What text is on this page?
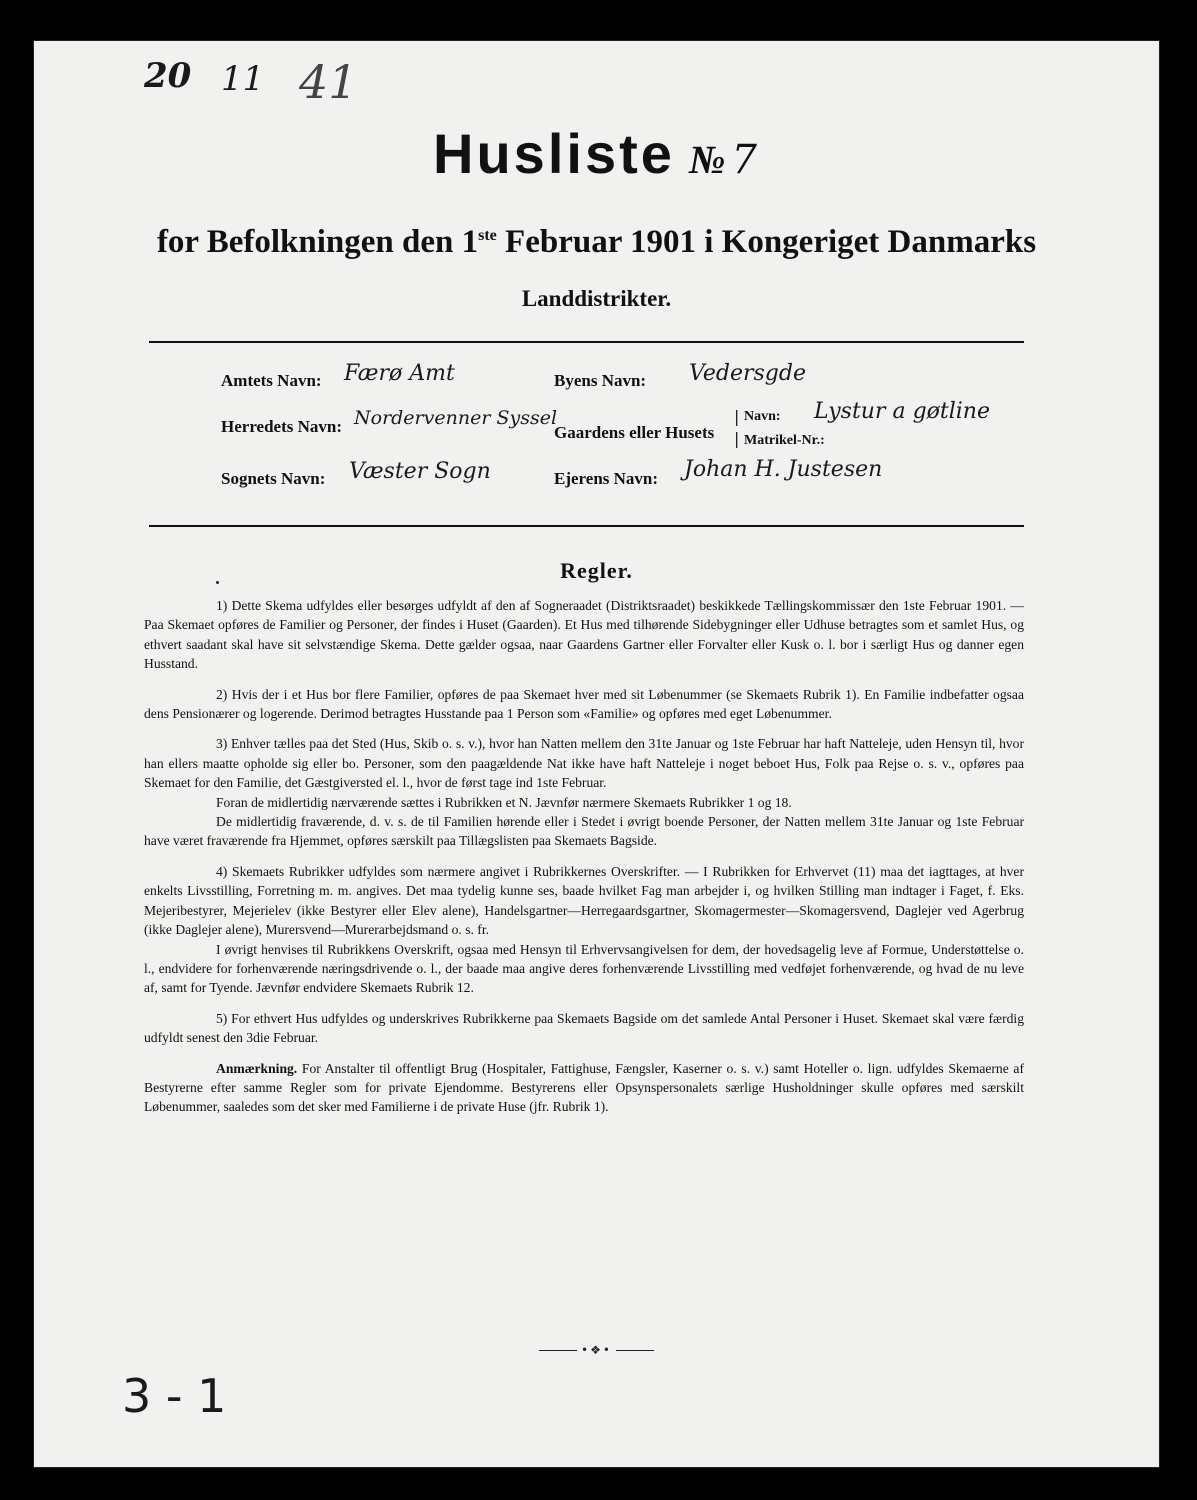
20 11 41
Husliste № 7
for Befolkningen den 1ste Februar 1901 i Kongeriget Danmarks
Landdistrikter.
Amtets Navn: Færø Amt	Byens Navn: Vedersgde
Herredets Navn: Nordervenner Syssel
Gaardens eller Husets
|
|
Navn: Lystur a gøtline
Matrikel-Nr.:
Sognets Navn: Væster Sogn	Ejerens Navn: Johan H. Justesen
Regler.

1) Dette Skema udfyldes eller besørges udfyldt af den af Sogneraadet (Distriktsraadet) beskikkede Tællingskommissær den 1ste Februar 1901. — Paa Skemaet opføres de Familier og Personer, der findes i Huset (Gaarden). Et Hus med tilhørende Sidebygninger eller Udhuse betragtes som et samlet Hus, og ethvert saadant skal have sit selvstændige Skema. Dette gælder ogsaa, naar Gaardens Gartner eller Forvalter eller Kusk o. l. bor i særligt Hus og danner egen Husstand.

2) Hvis der i et Hus bor flere Familier, opføres de paa Skemaet hver med sit Løbenummer (se Skemaets Rubrik 1). En Familie indbefatter ogsaa dens Pensionærer og logerende. Derimod betragtes Husstande paa 1 Person som «Familie» og opføres med eget Løbenummer.

3) Enhver tælles paa det Sted (Hus, Skib o. s. v.), hvor han Natten mellem den 31te Januar og 1ste Februar har haft Natteleje, uden Hensyn til, hvor han ellers maatte opholde sig eller bo. Personer, som den paagældende Nat ikke have haft Natteleje i noget beboet Hus, Folk paa Rejse o. s. v., opføres paa Skemaet for den Familie, det Gæstgiversted el. l., hvor de først tage ind 1ste Februar.

Foran de midlertidig nærværende sættes i Rubrikken et N. Jævnfør nærmere Skemaets Rubrikker 1 og 18.

De midlertidig fraværende, d. v. s. de til Familien hørende eller i Stedet i øvrigt boende Personer, der Natten mellem 31te Januar og 1ste Februar have været fraværende fra Hjemmet, opføres særskilt paa Tillægslisten paa Skemaets Bagside.

4) Skemaets Rubrikker udfyldes som nærmere angivet i Rubrikkernes Overskrifter. — I Rubrikken for Erhvervet (11) maa det iagttages, at hver enkelts Livsstilling, Forretning m. m. angives. Det maa tydelig kunne ses, baade hvilket Fag man arbejder i, og hvilken Stilling man indtager i Faget, f. Eks. Mejeribestyrer, Mejerielev (ikke Bestyrer eller Elev alene), Handelsgartner—Herregaardsgartner, Skomagermester—Skomagersvend, Daglejer ved Agerbrug (ikke Daglejer alene), Murersvend—Murerarbejdsmand o. s. fr.

I øvrigt henvises til Rubrikkens Overskrift, ogsaa med Hensyn til Erhvervsangivelsen for dem, der hovedsagelig leve af Formue, Understøttelse o. l., endvidere for forhenværende næringsdrivende o. l., der baade maa angive deres forhenværende Livsstilling med vedføjet forhenværende, og hvad de nu leve af, samt for Tyende. Jævnfør endvidere Skemaets Rubrik 12.

5) For ethvert Hus udfyldes og underskrives Rubrikkerne paa Skemaets Bagside om det samlede Antal Personer i Huset. Skemaet skal være færdig udfyldt senest den 3die Februar.

Anmærkning. For Anstalter til offentligt Brug (Hospitaler, Fattighuse, Fængsler, Kaserner o. s. v.) samt Hoteller o. lign. udfyldes Skemaerne af Bestyrerne efter samme Regler som for private Ejendomme. Bestyrerens eller Opsynspersonalets særlige Husholdninger skulle opføres med særskilt Løbenummer, saaledes som det sker med Familierne i de private Huse (jfr. Rubrik 1).

•❖•
3 - 1
